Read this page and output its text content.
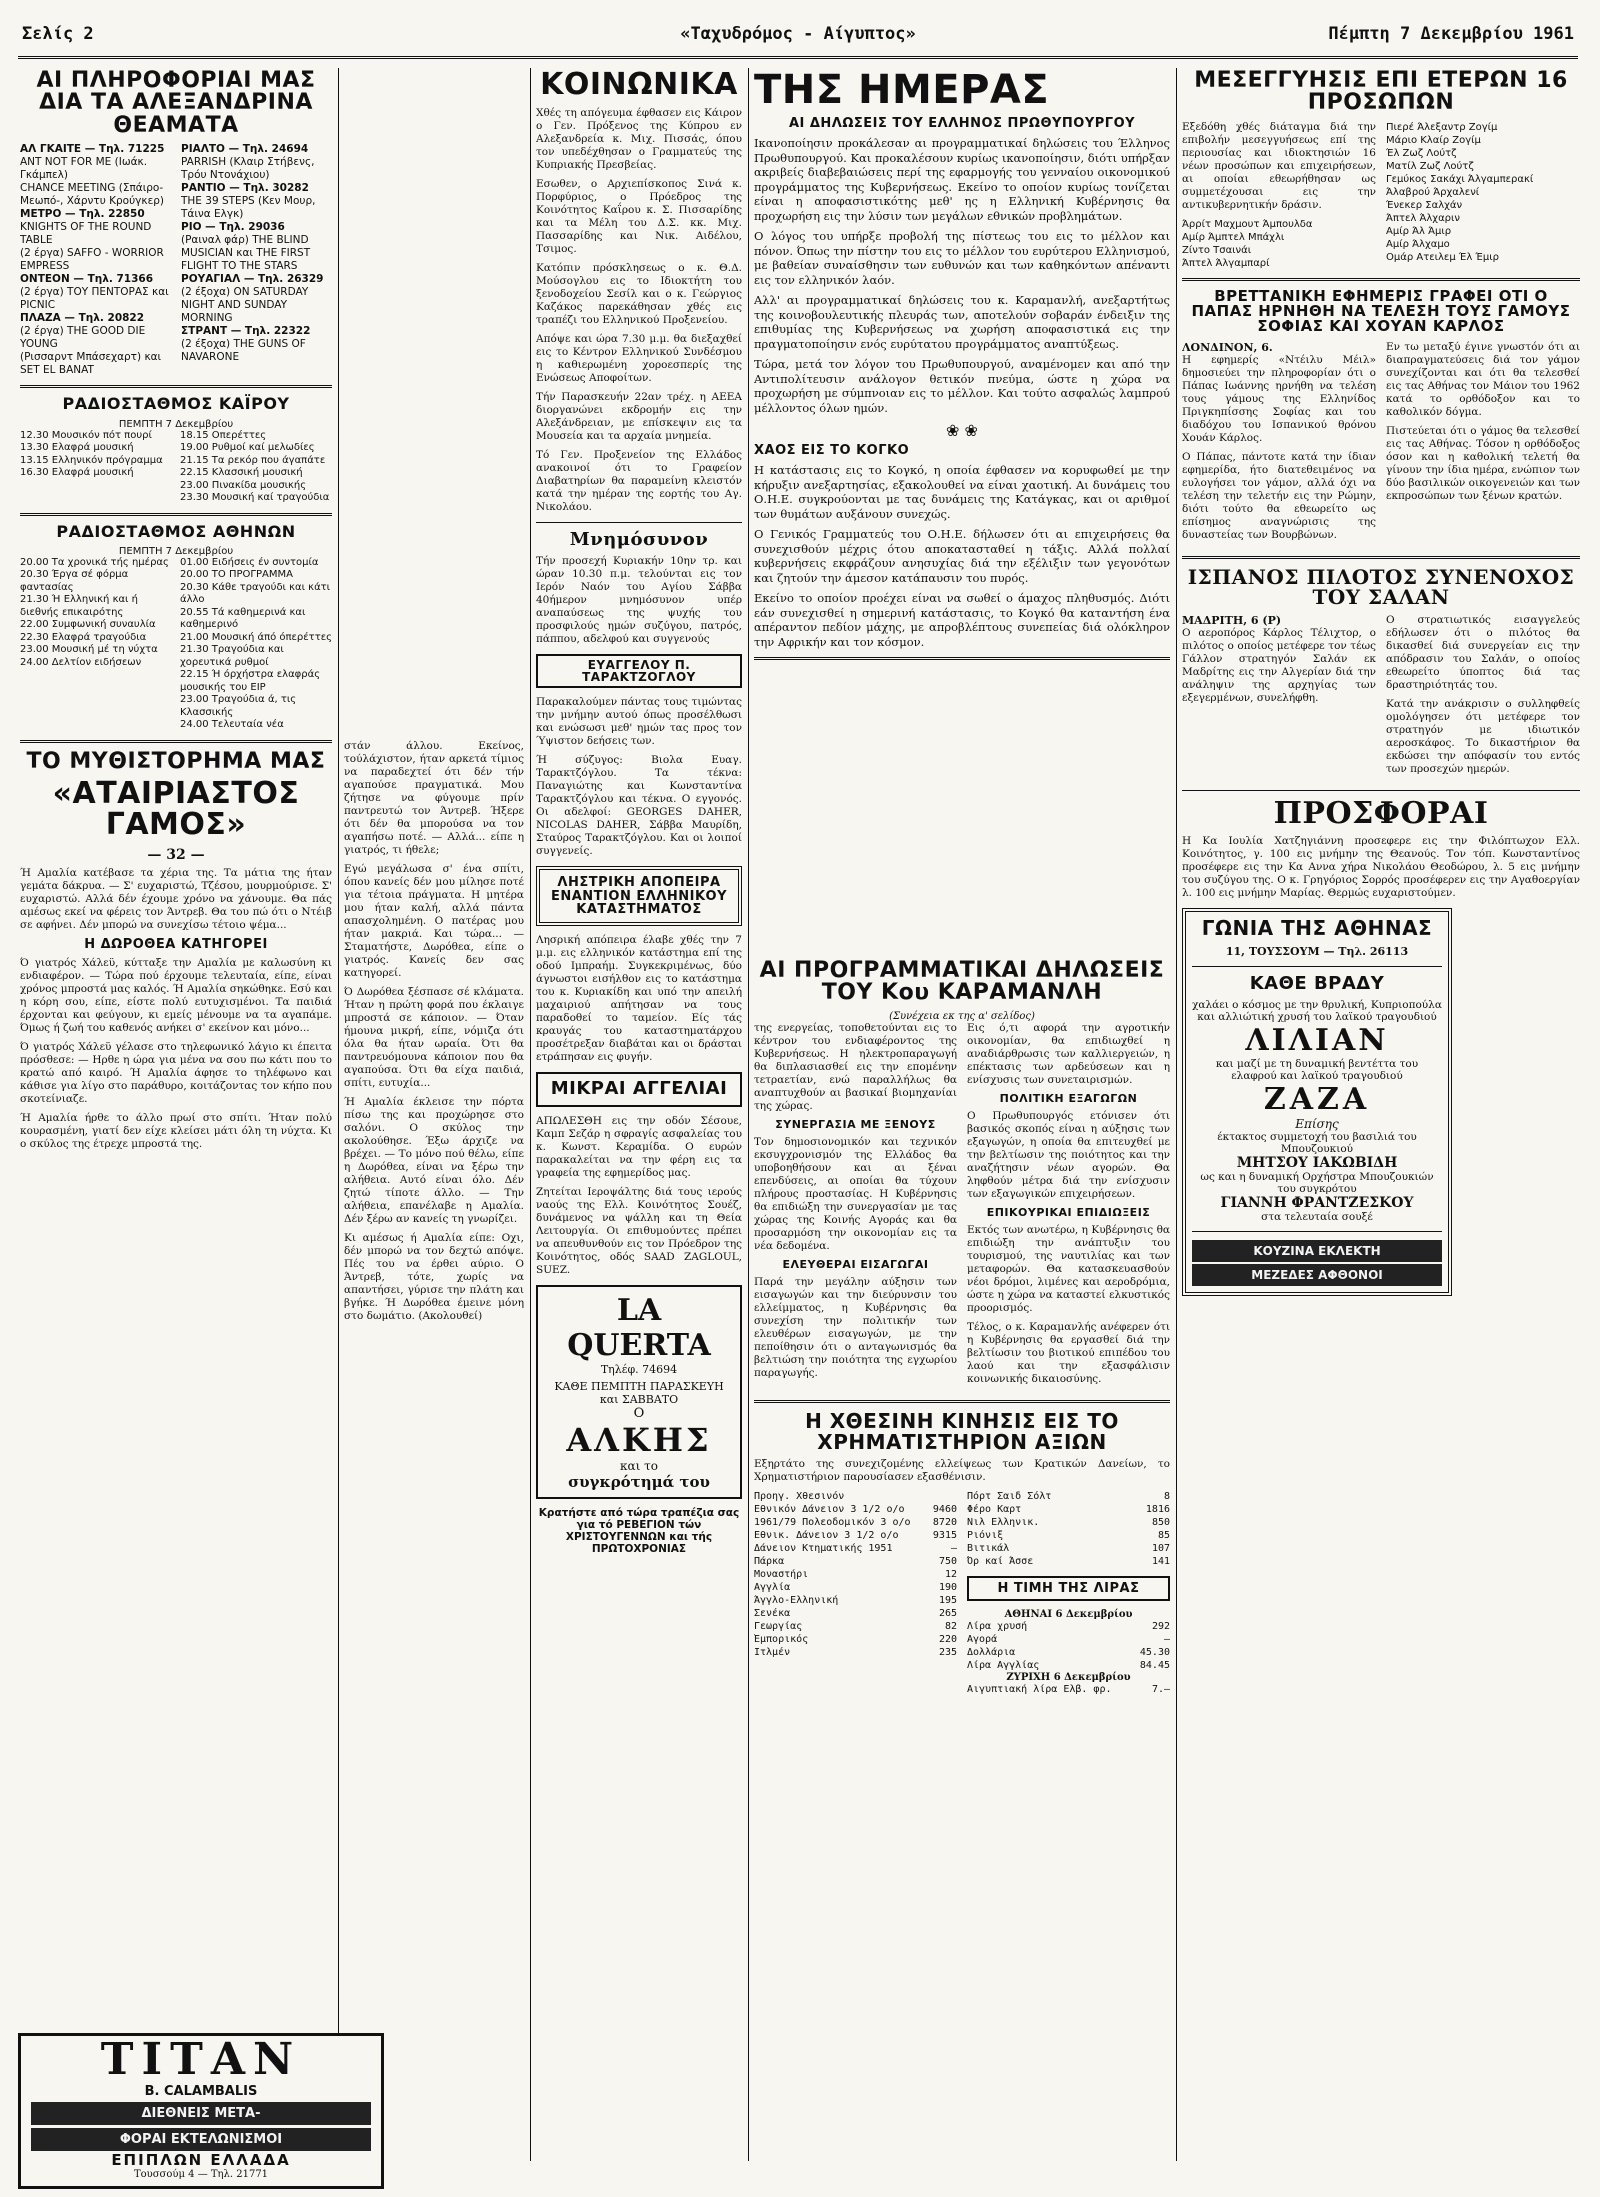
Σελίς 2	«Ταχυδρόμος - Αίγυπτος»	Πέμπτη 7 Δεκεμβρίου 1961
ΑΙ ΠΛΗΡΟΦΟΡΙΑΙ ΜΑΣ ΔΙΑ ΤΑ ΑΛΕΞΑΝΔΡΙΝΑ ΘΕΑΜΑΤΑ
ΑΛ ΓΚΑΙΤΕ — Τηλ. 71225
ΑΝΤ ΝΟΤ FOR ME (Ιωάκ. Γκάμπελ)
CHANCE MEETING (Σπάιρο-Μεωπό-, Χάρντυ Κρούγκερ)
ΜΕΤΡΟ — Τηλ. 22850
KNIGHTS OF THE ROUND TABLE
(2 έργα) SAFFO - WORRIOR EMPRESS
ΟΝΤΕΟΝ — Τηλ. 71366
(2 έργα) ΤΟΥ ΠΕΝΤΟΡΑΣ και PICNIC
ΠΛΑΖΑ — Τηλ. 20822
(2 έργα) THE GOOD DIE YOUNG
(Ρισσαρντ Μπάσεχαρτ) και SET EL BANAT
ΡΙΑΛΤΟ — Τηλ. 24694
PARRISH (Κλαιρ Στήβενς, Τρόυ Ντονάχιου)
ΡΑΝΤΙΟ — Τηλ. 30282
THE 39 STEPS (Κεν Μουρ, Τάινα Ελγκ)
ΡΙΟ — Τηλ. 29036
(Ραιναλ φάρ) THE BLIND MUSICIAN και THE FIRST FLIGHT TO THE STARS
ΡΟΥΑΓΙΑΛ — Τηλ. 26329
(2 έξοχα) ON SATURDAY NIGHT AND SUNDAY MORNING
ΣΤΡΑΝΤ — Τηλ. 22322
(2 έξοχα) THE GUNS OF NAVARONE
ΡΑΔΙΟΣΤΑΘΜΟΣ ΚΑΪΡΟΥ
ΠΕΜΠΤΗ 7 Δεκεμβρίου
12.30 Μουσικόν πότ πουρί
13.30 Ελαφρά μουσική
13.15 Ελληνικόν πρόγραμμα
16.30 Ελαφρά μουσική
18.15 Οπερέττες
19.00 Ρυθμοί καί μελωδίες
21.15 Τα ρεκόρ που άγαπάτε
22.15 Κλασσική μουσική
23.00 Πινακίδα μουσικής
23.30 Μουσική καί τραγούδια
ΡΑΔΙΟΣΤΑΘΜΟΣ ΑΘΗΝΩΝ
ΠΕΜΠΤΗ 7 Δεκεμβρίου
20.00 Τα χρονικά τής ημέρας
20.30 Έργα σέ φόρμα φαντασίας
21.30 Ή Ελληνική και ή διεθνής επικαιρότης
22.00 Συμφωνική συναυλία
22.30 Ελαφρά τραγούδια
23.00 Μουσική μέ τη νύχτα
24.00 Δελτίον ειδήσεων
01.00 Ειδήσεις έν συντομία
20.00 ΤΟ ΠΡΟΓΡΑΜΜΑ
20.30 Κάθε τραγούδι και κάτι άλλο
20.55 Τά καθημερινά και καθημερινό
21.00 Μουσική άπό όπερέττες
21.30 Τραγούδια και χορευτικά ρυθμοί
22.15 Ή όρχήστρα ελαφράς μουσικής του ΕΙΡ
23.00 Τραγούδια ά, τις Κλασσικής
24.00 Τελευταία νέα
ΤΟ ΜΥΘΙΣΤΟΡΗΜΑ ΜΑΣ
«ΑΤΑΙΡΙΑΣΤΟΣ ΓΑΜΟΣ»
— 32 —

Ή Αμαλία κατέβασε τα χέρια της. Τα μάτια της ήταν γεμάτα δάκρυα. — Σ' ευχαριστώ, Τζέσου, μουρμούρισε. Σ' ευχαριστώ. Αλλά δέν έχουμε χρόνο να χάνουμε. Θα πάς αμέσως εκεί να φέρεις τον Άντρεβ. Θα του πώ ότι ο Ντέιβ σε αφήνει. Δέν μπορώ να συνεχίσω τέτοιο ψέμα...

Η ΔΩΡΟΘΕΑ ΚΑΤΗΓΟΡΕΙ

Ό γιατρός Χάλεϋ, κύτταξε την Αμαλία με καλωσύνη κι ενδιαφέρον. — Τώρα πού έρχουμε τελευταία, είπε, είναι χρόνος μπροστά μας καλός. Ή Αμαλία σηκώθηκε. Εσύ και η κόρη σου, είπε, είστε πολύ ευτυχισμένοι. Τα παιδιά έρχονται και φεύγουν, κι εμείς μένουμε να τα αγαπάμε. Όμως ή ζωή του καθενός ανήκει σ' εκείνον και μόνο...

Ό γιατρός Χάλεϋ γέλασε στο τηλεφωνικό λάγιο κι έπειτα πρόσθεσε: — Ηρθε η ώρα για μένα να σου πω κάτι που το κρατώ από καιρό. Ή Αμαλία άφησε το τηλέφωνο και κάθισε για λίγο στο παράθυρο, κοιτάζοντας τον κήπο που σκοτείνιαζε.

Ή Αμαλία ήρθε το άλλο πρωί στο σπίτι. Ήταν πολύ κουρασμένη, γιατί δεν είχε κλείσει μάτι όλη τη νύχτα. Κι ο σκύλος της έτρεχε μπροστά της.

στάν άλλου. Εκείνος, τούλάχιστον, ήταν αρκετά τίμιος να παραδεχτεί ότι δέν τήν αγαπούσε πραγματικά. Μου ζήτησε να φύγουμε πρίν παντρευτώ τον Άντρεβ. Ήξερε ότι δέν θα μπορούσα να τον αγαπήσω ποτέ. — Αλλά... είπε η γιατρός, τι ήθελε;

Εγώ μεγάλωσα σ' ένα σπίτι, όπου κανείς δέν μου μίλησε ποτέ για τέτοια πράγματα. Η μητέρα μου ήταν καλή, αλλά πάντα απασχολημένη. Ο πατέρας μου ήταν μακριά. Και τώρα... — Σταματήστε, Δωρόθεα, είπε ο γιατρός. Κανείς δεν σας κατηγορεί.

Ό Δωρόθεα ξέσπασε σέ κλάματα. Ήταν η πρώτη φορά που έκλαιγε μπροστά σε κάποιον. — Όταν ήμουνα μικρή, είπε, νόμιζα ότι όλα θα ήταν ωραία. Ότι θα παντρευόμουνα κάποιον που θα αγαπούσα. Ότι θα είχα παιδιά, σπίτι, ευτυχία...

Ή Αμαλία έκλεισε την πόρτα πίσω της και προχώρησε στο σαλόνι. Ο σκύλος την ακολούθησε. Έξω άρχιζε να βρέχει. — Το μόνο πού θέλω, είπε η Δωρόθεα, είναι να ξέρω την αλήθεια. Αυτό είναι όλο. Δέν ζητώ τίποτε άλλο. — Την αλήθεια, επανέλαβε η Αμαλία. Δέν ξέρω αν κανείς τη γνωρίζει.

Κι αμέσως ή Αμαλία είπε: Οχι, δέν μπορώ να τον δεχτώ απόψε. Πές του να έρθει αύριο. Ο Άντρεβ, τότε, χωρίς να απαντήσει, γύρισε την πλάτη και βγήκε. Ή Δωρόθεα έμεινε μόνη στο δωμάτιο. (Ακολουθεί)

ΚΟΙΝΩΝΙΚΑ

Χθές τη απόγευμα έφθασεν εις Κάιρον ο Γεν. Πρόξενος της Κύπρου εν Αλεξανδρεία κ. Μιχ. Πισσάς, όπου τον υπεδέχθησαν ο Γραμματεύς της Κυπριακής Πρεσβείας.

Εσωθεν, ο Αρχιεπίσκοπος Σινά κ. Πορφύριος, ο Πρόεδρος της Κοινότητος Καΐρου κ. Σ. Πισσαρίδης και τα Μέλη του Δ.Σ. κκ. Μιχ. Πασσαρίδης και Νικ. Αιδέλου, Τσιμος.

Κατόπιν πρόσκλησεως ο κ. Θ.Δ. Μούσογλου εις το Ιδιοκτήτη του ξενοδοχείου Σεσίλ και ο κ. Γεώργιος Καζάκος παρεκάθησαν χθές εις τραπέζι του Ελληνικού Προξενείου.

Απόψε και ώρα 7.30 μ.μ. θα διεξαχθεί εις το Κέντρον Ελληνικού Συνδέσμου η καθιερωμένη χοροεσπερίς της Ενώσεως Αποφοίτων.

Τήν Παρασκευήν 22αν τρέχ. η ΑΕΕΑ διοργανώνει εκδρομήν εις την Αλεξάνδρειαν, με επίσκεψιν εις τα Μουσεία και τα αρχαία μνημεία.

Τό Γεν. Προξενείον της Ελλάδος ανακοινοί ότι το Γραφείον Διαβατηρίων θα παραμείνη κλειστόν κατά την ημέραν της εορτής του Αγ. Νικολάου.

Μνημόσυνον

Τήν προσεχή Κυριακήν 10ην τρ. και ώραν 10.30 π.μ. τελούνται εις τον Ιερόν Ναόν του Αγίου Σάββα 40ήμερον μνημόσυνον υπέρ αναπαύσεως της ψυχής του προσφιλούς ημών συζύγου, πατρός, πάππου, αδελφού και συγγενούς

ΕΥΑΓΓΕΛΟΥ Π. ΤΑΡΑΚΤΖΟΓΛΟΥ

Παρακαλούμεν πάντας τους τιμώντας την μνήμην αυτού όπως προσέλθωσι και ενώσωσι μεθ' ημών τας προς τον Ύψιστον δεήσεις των.

Ή σύζυγος: Βιολα Ευαγ. Ταρακτζόγλου. Τα τέκνα: Παναγιώτης και Κωνσταντίνα Ταρακτζόγλου και τέκνα. Ο εγγονός. Οι αδελφοί: GEORGES DAHER, NICOLAS DAHER, Σάββα Μαυρίδη, Σταύρος Ταρακτζόγλου. Και οι λοιποί συγγενείς.

ΛΗΣΤΡΙΚΗ ΑΠΟΠΕΙΡΑ ΕΝΑΝΤΙΟΝ ΕΛΛΗΝΙΚΟΥ ΚΑΤΑΣΤΗΜΑΤΟΣ

Λησρική απόπειρα έλαβε χθές την 7 μ.μ. εις ελληνικόν κατάστημα επί της οδού Ιμπραήμ. Συγκεκριμένως, δύο άγνωστοι εισήλθον εις το κατάστημα του κ. Κυριακίδη και υπό την απειλή μαχαιριού απήτησαν να τους παραδοθεί το ταμείον. Είς τάς κραυγάς του καταστηματάρχου προσέτρεξαν διαβάται και οι δράσται ετράπησαν εις φυγήν.

ΜΙΚΡΑΙ ΑΓΓΕΛΙΑΙ

ΑΠΩΛΕΣΘΗ εις την οδόν Σέσουε, Καμπ Σεζάρ η σφραγίς ασφαλείας του κ. Κωνστ. Κεραμίδα. Ο ευρών παρακαλείται να την φέρη εις τα γραφεία της εφημερίδος μας.

Ζητείται Ιεροψάλτης διά τους ιερούς ναούς της Ελλ. Κοινότητος Σουέζ, δυνάμενος να ψάλλη και τη Θεία Λειτουργία. Οι επιθυμούντες πρέπει να απευθυνθούν εις τον Πρόεδρον της Κοινότητος, οδός SAAD ZAGLOUL, SUEZ.

LA QUERTA
Τηλέφ. 74694
ΚΑΘΕ ΠΕΜΠΤΗ ΠΑΡΑΣΚΕΥΗ και ΣΑΒΒΑΤΟ
Ο
ΑΛΚΗΣ
και το
συγκρότημά του
Κρατήστε από τώρα τραπέζια σας για τό ΡΕΒΕΓΙΟΝ τών ΧΡΙΣΤΟΥΓΕΝΝΩΝ και τής ΠΡΩΤΟΧΡΟΝΙΑΣ
ΤΗΣ ΗΜΕΡΑΣ
ΑΙ ΔΗΛΩΣΕΙΣ ΤΟΥ ΕΛΛΗΝΟΣ ΠΡΩΘΥΠΟΥΡΓΟΥ

Ικανοποίησιν προκάλεσαν αι προγραμματικαί δηλώσεις του Έλληνος Πρωθυπουργού. Και προκαλέσουν κυρίως ικανοποίησιν, διότι υπήρξαν ακριβείς διαβεβαιώσεις περί της εφαρμογής του γενναίου οικονομικού προγράμματος της Κυβερνήσεως. Εκείνο το οποίον κυρίως τονίζεται είναι η αποφασιστικότης μεθ' ης η Ελληνική Κυβέρνησις θα προχωρήση εις την λύσιν των μεγάλων εθνικών προβλημάτων.

Ο λόγος του υπήρξε προβολή της πίστεως του εις το μέλλον και πόνον. Όπως την πίστην του εις το μέλλον του ευρύτερου Ελληνισμού, με βαθείαν συναίσθησιν των ευθυνών και των καθηκόντων απέναντι εις τον ελληνικόν λαόν.

Αλλ' αι προγραμματικαί δηλώσεις του κ. Καραμανλή, ανεξαρτήτως της κοινοβουλευτικής πλευράς των, αποτελούν σοβαράν ένδειξιν της επιθυμίας της Κυβερνήσεως να χωρήση αποφασιστικά εις την πραγματοποίησιν ενός ευρύτατου προγράμματος αναπτύξεως.

Τώρα, μετά τον λόγον του Πρωθυπουργού, αναμένομεν και από την Αντιπολίτευσιν ανάλογον θετικόν πνεύμα, ώστε η χώρα να προχωρήση με σύμπνοιαν εις το μέλλον. Και τούτο ασφαλώς λαμπρού μέλλοντος όλων ημών.

❀ ❀
ΧΑΟΣ ΕΙΣ ΤΟ ΚΟΓΚΟ

Η κατάστασις εις το Κογκό, η οποία έφθασεν να κορυφωθεί με την κήρυξιν ανεξαρτησίας, εξακολουθεί να είναι χαοτική. Αι δυνάμεις του Ο.Η.Ε. συγκρούονται με τας δυνάμεις της Κατάγκας, και οι αριθμοί των θυμάτων αυξάνουν συνεχώς.

Ο Γενικός Γραμματεύς του Ο.Η.Ε. δήλωσεν ότι αι επιχειρήσεις θα συνεχισθούν μέχρις ότου αποκατασταθεί η τάξις. Αλλά πολλαί κυβερνήσεις εκφράζουν ανησυχίας διά την εξέλιξιν των γεγονότων και ζητούν την άμεσον κατάπαυσιν του πυρός.

Εκείνο το οποίον προέχει είναι να σωθεί ο άμαχος πληθυσμός. Διότι εάν συνεχισθεί η σημερινή κατάστασις, το Κογκό θα καταντήση ένα απέραντον πεδίον μάχης, με απροβλέπτους συνεπείας διά ολόκληρον την Αφρικήν και τον κόσμον.

ΑΙ ΠΡΟΓΡΑΜΜΑΤΙΚΑΙ ΔΗΛΩΣΕΙΣ ΤΟΥ Κου ΚΑΡΑΜΑΝΛΗ
(Συνέχεια εκ της α' σελίδος)

της ενεργείας, τοποθετούνται εις το κέντρον του ενδιαφέροντος της Κυβερνήσεως. Η ηλεκτροπαραγωγή θα διπλασιασθεί εις την επομένην τετραετίαν, ενώ παραλλήλως θα αναπτυχθούν αι βασικαί βιομηχανίαι της χώρας.

ΣΥΝΕΡΓΑΣΙΑ ΜΕ ΞΕΝΟΥΣ

Τον δημοσιονομικόν και τεχνικόν εκσυγχρονισμόν της Ελλάδος θα υποβοηθήσουν και αι ξέναι επενδύσεις, αι οποίαι θα τύχουν πλήρους προστασίας. Η Κυβέρνησις θα επιδιώξη την συνεργασίαν με τας χώρας της Κοινής Αγοράς και θα προσαρμόση την οικονομίαν εις τα νέα δεδομένα.

ΕΛΕΥΘΕΡΑΙ ΕΙΣΑΓΩΓΑΙ

Παρά την μεγάλην αύξησιν των εισαγωγών και την διεύρυνσιν του ελλείμματος, η Κυβέρνησις θα συνεχίση την πολιτικήν των ελευθέρων εισαγωγών, με την πεποίθησιν ότι ο ανταγωνισμός θα βελτιώση την ποιότητα της εγχωρίου παραγωγής.

Εις ό,τι αφορά την αγροτικήν οικονομίαν, θα επιδιωχθεί η αναδιάρθρωσις των καλλιεργειών, η επέκτασις των αρδεύσεων και η ενίσχυσις των συνεταιρισμών.

ΠΟΛΙΤΙΚΗ ΕΞΑΓΩΓΩΝ

Ο Πρωθυπουργός ετόνισεν ότι βασικός σκοπός είναι η αύξησις των εξαγωγών, η οποία θα επιτευχθεί με την βελτίωσιν της ποιότητος και την αναζήτησιν νέων αγορών. Θα ληφθούν μέτρα διά την ενίσχυσιν των εξαγωγικών επιχειρήσεων.

ΕΠΙΚΟΥΡΙΚΑΙ ΕΠΙΔΙΩΞΕΙΣ

Εκτός των ανωτέρω, η Κυβέρνησις θα επιδιώξη την ανάπτυξιν του τουρισμού, της ναυτιλίας και των μεταφορών. Θα κατασκευασθούν νέοι δρόμοι, λιμένες και αεροδρόμια, ώστε η χώρα να καταστεί ελκυστικός προορισμός.

Τέλος, ο κ. Καραμανλής ανέφερεν ότι η Κυβέρνησις θα εργασθεί διά την βελτίωσιν του βιοτικού επιπέδου του λαού και την εξασφάλισιν κοινωνικής δικαιοσύνης.

Η ΧΘΕΣΙΝΗ ΚΙΝΗΣΙΣ ΕΙΣ ΤΟ ΧΡΗΜΑΤΙΣΤΗΡΙΟΝ ΑΞΙΩΝ

Εξηρτάτο της συνεχιζομένης ελλείψεως των Κρατικών Δανείων, το Χρηματιστήριον παρουσίασεν εξασθένισιν.

Προηγ. Χθεσινόν
Εθνικόν Δάνειον 3 1/2 ο/ο	9460
1961/79 Πολεοδομικόν 3 ο/ο 8720
Εθνικ. Δάνειον 3 1/2 ο/ο	9315
Δάνειον Κτηματικής 1951	—
Πάρκα	750
Μοναστήρι	12
Αγγλία	190
Άγγλο-Ελληνική	195
Σενέκα	265
Γεωργίας	82
Έμπορικός	220
Ιτλμέν	235
Πόρτ Σαιδ Σόλτ	8
Φέρο Καρτ	1816
Νιλ Ελληνικ.	850
Ριόνιξ	85
Βιτικάλ	107
Όρ καί Άσσε	141
Η ΤΙΜΗ ΤΗΣ ΛΙΡΑΣ
ΑΘΗΝΑΙ 6 Δεκεμβρίου
Λίρα χρυσή	292
Αγορά	—
Δολλάρια	45.30
Λίρα Αγγλίας	84.45
ΖΥΡΙΧΗ 6 Δεκεμβρίου
Αιγυπτιακή λίρα Ελβ. φρ.	7.—
ΜΕΣΕΓΓΥΗΣΙΣ ΕΠΙ ΕΤΕΡΩΝ 16 ΠΡΟΣΩΠΩΝ

Εξεδόθη χθές διάταγμα διά την επιβολήν μεσεγγυήσεως επί της περιουσίας και ιδιοκτησιών 16 νέων προσώπων και επιχειρήσεων, αι οποίαι εθεωρήθησαν ως συμμετέχουσαι εις την αντικυβερνητικήν δράσιν.

Άρρίτ Μαχμουτ Άμπουλδα
Αμίρ Άμπτελ Μπάχλι
Ζίντο Τσαινάι
Άπτελ Άλγαμπαρί
Πιερέ Άλεξαντρ Ζογίμ
Μάριο Κλαίρ Ζογίμ
Έλ Ζωζ Λούτζ
Ματίλ Ζωζ Λούτζ
Γεμύκος Σακάχι Άλγαμπερακί
Άλαβρού Άρχαλενί
Ένεκερ Σαλχάν
Άπτελ Άλχαριν
Αμίρ Άλ Άμιρ
Αμίρ Άλχαμο
Ομάρ Ατειλεμ Έλ Έμιρ
ΒΡΕΤΤΑΝΙΚΗ ΕΦΗΜΕΡΙΣ ΓΡΑΦΕΙ ΟΤΙ Ο ΠΑΠΑΣ ΗΡΝΗΘΗ ΝΑ ΤΕΛΕΣΗ ΤΟΥΣ ΓΑΜΟΥΣ ΣΟΦΙΑΣ ΚΑΙ ΧΟΥΑΝ ΚΑΡΛΟΣ
ΛΟΝΔΙΝΟΝ, 6.

Η εφημερίς «Ντέιλυ Μέιλ» δημοσιεύει την πληροφορίαν ότι ο Πάπας Ιωάννης ηρνήθη να τελέση τους γάμους της Ελληνίδος Πριγκηπίσσης Σοφίας και του διαδόχου του Ισπανικού θρόνου Χουάν Κάρλος.

Ο Πάπας, πάντοτε κατά την ίδιαν εφημερίδα, ήτο διατεθειμένος να ευλογήσει τον γάμον, αλλά όχι να τελέση την τελετήν εις την Ρώμην, διότι τούτο θα εθεωρείτο ως επίσημος αναγνώρισις της δυναστείας των Βουρβώνων.

Εν τω μεταξύ έγινε γνωστόν ότι αι διαπραγματεύσεις διά τον γάμον συνεχίζονται και ότι θα τελεσθεί εις τας Αθήνας τον Μάιον του 1962 κατά το ορθόδοξον και το καθολικόν δόγμα.

Πιστεύεται ότι ο γάμος θα τελεσθεί εις τας Αθήνας. Τόσον η ορθόδοξος όσον και η καθολική τελετή θα γίνουν την ίδια ημέρα, ενώπιον των δύο βασιλικών οικογενειών και των εκπροσώπων των ξένων κρατών.

ΙΣΠΑΝΟΣ ΠΙΛΟΤΟΣ ΣΥΝΕΝΟΧΟΣ ΤΟΥ ΣΑΛΑΝ
ΜΑΔΡΙΤΗ, 6 (Ρ)

Ο αεροπόρος Κάρλος Τέλιχτορ, ο πιλότος ο οποίος μετέφερε τον τέως Γάλλον στρατηγόν Σαλάν εκ Μαδρίτης εις την Αλγερίαν διά την ανάληψιν της αρχηγίας των εξεγερμένων, συνελήφθη.

Ο στρατιωτικός εισαγγελεύς εδήλωσεν ότι ο πιλότος θα δικασθεί διά συνεργείαν εις την απόδρασιν του Σαλάν, ο οποίος εθεωρείτο ύποπτος διά τας δραστηριότητάς του.

Κατά την ανάκρισιν ο συλληφθείς ομολόγησεν ότι μετέφερε τον στρατηγόν με ιδιωτικόν αεροσκάφος. Το δικαστήριον θα εκδώσει την απόφασίν του εντός των προσεχών ημερών.

ΠΡΟΣΦΟΡΑΙ

Η Κα Ιουλία Χατζηγιάννη προσεφερε εις την Φιλόπτωχον Ελλ. Κοινότητος, γ. 100 εις μνήμην της Θεανούς. Τον τόπ. Κωνσταντίνος προσέφερε εις την Κα Αννα χήρα Νικολάου Θεοδώρου, λ. 5 εις μνήμην του συζύγου της. Ο κ. Γρηγόριος Σορρός προσέφερεν εις την Αγαθοεργίαν λ. 100 εις μνήμην Μαρίας. Θερμώς ευχαριστούμεν.

ΓΩΝΙΑ ΤΗΣ ΑΘΗΝΑΣ
11, ΤΟΥΣΣΟΥΜ — Τηλ. 26113
ΚΑΘΕ ΒΡΑΔΥ
χαλάει ο κόσμος με την θρυλική, Κυπριοπούλα και αλλιώτική χρυσή του λαϊκού τραγουδιού
ΛΙΛΙΑΝ
και μαζί με τη δυναμική βεντέττα του ελαφρού και λαϊκού τραγουδιού
ΖΑΖΑ
Επίσης
έκτακτος συμμετοχή του βασιλιά του Μπουζουκιού
ΜΗΤΣΟΥ ΙΑΚΩΒΙΔΗ
ως και η δυναμική Ορχήστρα Μπουζουκιών του συγκρότου
ΓΙΑΝΝΗ ΦΡΑΝΤΖΕΣΚΟΥ
στα τελευταία σουξέ
ΚΟΥΖΙΝΑ ΕΚΛΕΚΤΗ
ΜΕΖΕΔΕΣ ΑΦΘΟΝΟΙ
ΤΙΤΑΝ
B. CALAMBALIS
ΔΙΕΘΝΕΙΣ ΜΕΤΑ-
ΦΟΡΑΙ ΕΚΤΕΛΩΝΙΣΜΟΙ
ΕΠΙΠΛΩΝ ΕΛΛΑΔΑ
Τουσσούμ 4 — Τηλ. 21771
